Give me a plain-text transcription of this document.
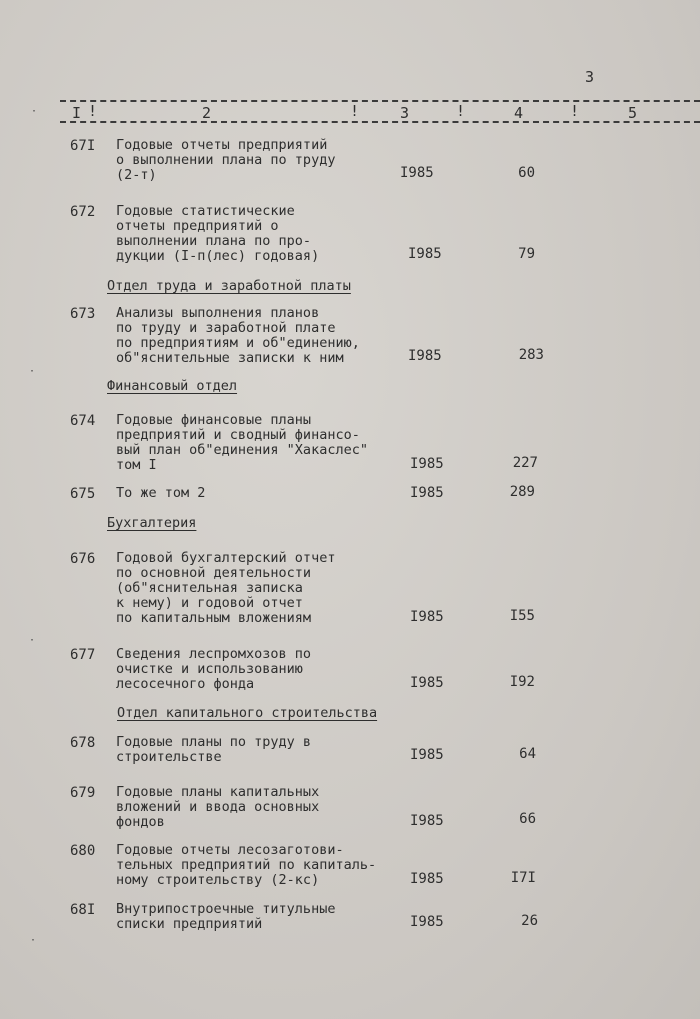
3
I !	2	!	3	!	4	!	5
67I Годовые отчеты предприятий
о выполнении плана по труду
(2-т)	I985	60
672 Годовые статистические
отчеты предприятий о
выполнении плана по про-
дукции (I-п(лес) годовая)	I985	79
Отдел труда и заработной платы
673 Анализы выполнения планов
по труду и заработной плате
по предприятиям и об"единению,
об"яснительные записки к ним	I985	283
Финансовый отдел
674 Годовые финансовые планы
предприятий и сводный финансо-
вый план об"единения "Хакаслес"
том I	I985	227
675 То же том 2	I985	289
Бухгалтерия
676 Годовой бухгалтерский отчет
по основной деятельности
(об"яснительная записка
к нему) и годовой отчет
по капитальным вложениям	I985	I55
677 Сведения леспромхозов по
очистке и использованию
лесосечного фонда	I985	I92
Отдел капитального строительства
678 Годовые планы по труду в
строительстве	I985	64
679 Годовые планы капитальных
вложений и ввода основных
фондов	I985	66
680 Годовые отчеты лесозаготови-
тельных предприятий по капиталь-
ному строительству (2-кс)	I985	I7I
68I Внутрипостроечные титульные
списки предприятий	I985	26
·
·
·
·
